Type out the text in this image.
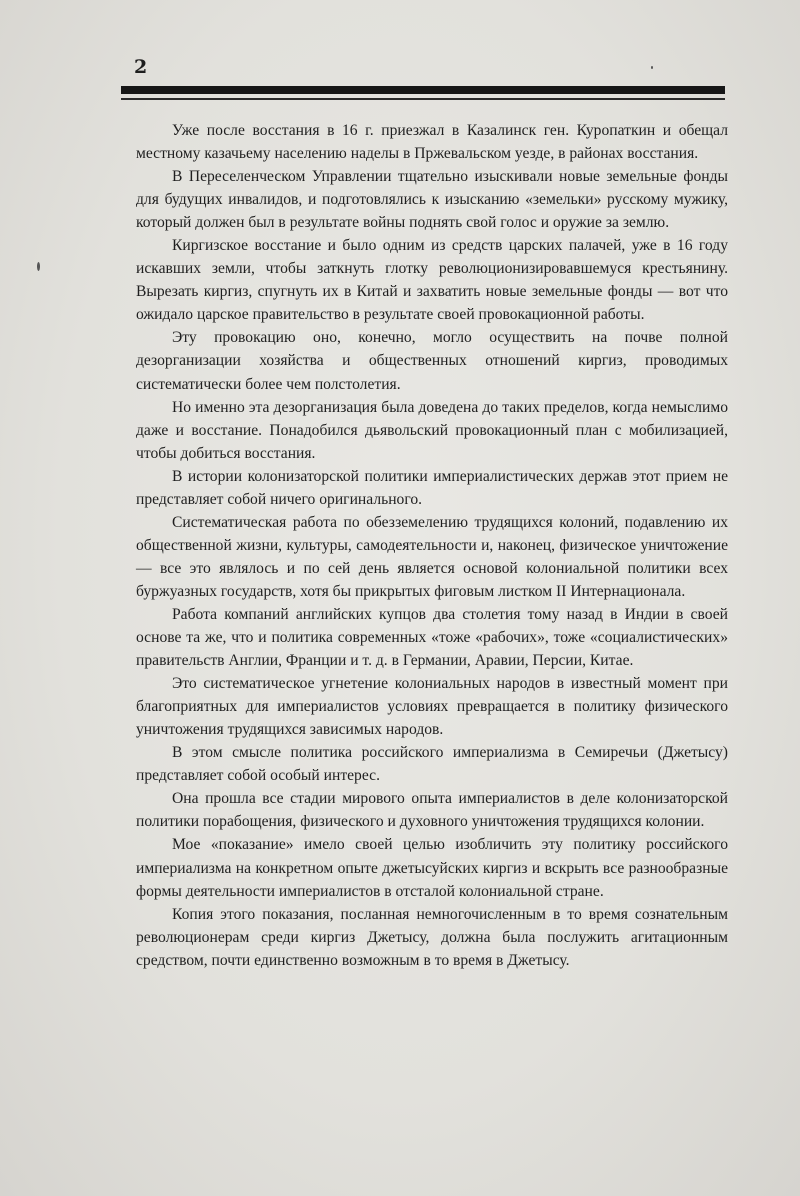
2

Уже после восстания в 16 г. приезжал в Казалинск ген. Куропаткин и обещал местному казачьему населению наделы в Пржевальском уезде, в районах восстания.

В Переселенческом Управлении тщательно изыскивали новые земельные фонды для будущих инвалидов, и подготовлялись к изысканию «земельки» русскому мужику, который должен был в результате войны поднять свой голос и оружие за землю.

Киргизское восстание и было одним из средств царских палачей, уже в 16 году искавших земли, чтобы заткнуть глотку революционизировавшемуся крестьянину. Вырезать киргиз, спугнуть их в Китай и захватить новые земельные фонды — вот что ожидало царское правительство в результате своей провокационной работы.

Эту провокацию оно, конечно, могло осуществить на почве полной дезорганизации хозяйства и общественных отношений киргиз, проводимых систематически более чем полстолетия.

Но именно эта дезорганизация была доведена до таких пределов, когда немыслимо даже и восстание. Понадобился дьявольский провокационный план с мобилизацией, чтобы добиться восстания.

В истории колонизаторской политики империалистических держав этот прием не представляет собой ничего оригинального.

Систематическая работа по обезземелению трудящихся колоний, подавлению их общественной жизни, культуры, самодеятельности и, наконец, физическое уничтожение — все это являлось и по сей день является основой колониальной политики всех буржуазных государств, хотя бы прикрытых фиговым листком II Интернационала.

Работа компаний английских купцов два столетия тому назад в Индии в своей основе та же, что и политика современных «тоже «рабочих», тоже «социалистических» правительств Англии, Франции и т. д. в Германии, Аравии, Персии, Китае.

Это систематическое угнетение колониальных народов в известный момент при благоприятных для империалистов условиях превращается в политику физического уничтожения трудящихся зависимых народов.

В этом смысле политика российского империализма в Семиречьи (Джетысу) представляет собой особый интерес.

Она прошла все стадии мирового опыта империалистов в деле колонизаторской политики порабощения, физического и духовного уничтожения трудящихся колонии.

Мое «показание» имело своей целью изобличить эту политику российского империализма на конкретном опыте джетысуйских киргиз и вскрыть все разнообразные формы деятельности империалистов в отсталой колониальной стране.

Копия этого показания, посланная немногочисленным в то время сознательным революционерам среди киргиз Джетысу, должна была послужить агитационным средством, почти единственно возможным в то время в Джетысу.
